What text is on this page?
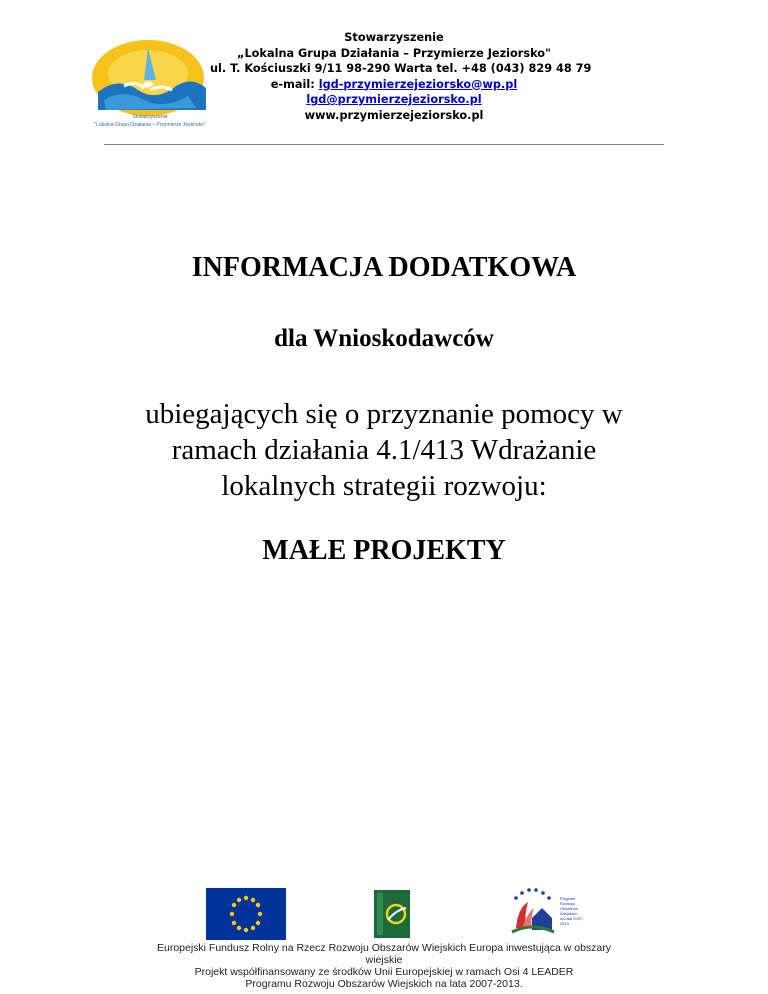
Stowarzyszenie
"Lokalna Grupa Działania – Przymierze Jeziorsko"
Stowarzyszenie
„Lokalna Grupa Działania – Przymierze Jeziorsko"
ul. T. Kościuszki 9/11 98-290 Warta tel. +48 (043) 829 48 79
e-mail: lgd-przymierzejeziorsko@wp.pl
lgd@przymierzejeziorsko.pl
www.przymierzejeziorsko.pl
INFORMACJA DODATKOWA
dla Wnioskodawców
ubiegających się o przyznanie pomocy w
ramach działania 4.1/413 Wdrażanie
lokalnych strategii rozwoju:
MAŁE PROJEKTY
Program
Rozwoju
Obszarów
Wiejskich
na lata 2007-2013
Europejski Fundusz Rolny na Rzecz Rozwoju Obszarów Wiejskich Europa inwestująca w obszary
wiejskie
Projekt współfinansowany ze środków Unii Europejskiej w ramach Osi 4 LEADER
Programu Rozwoju Obszarów Wiejskich na lata 2007-2013.
